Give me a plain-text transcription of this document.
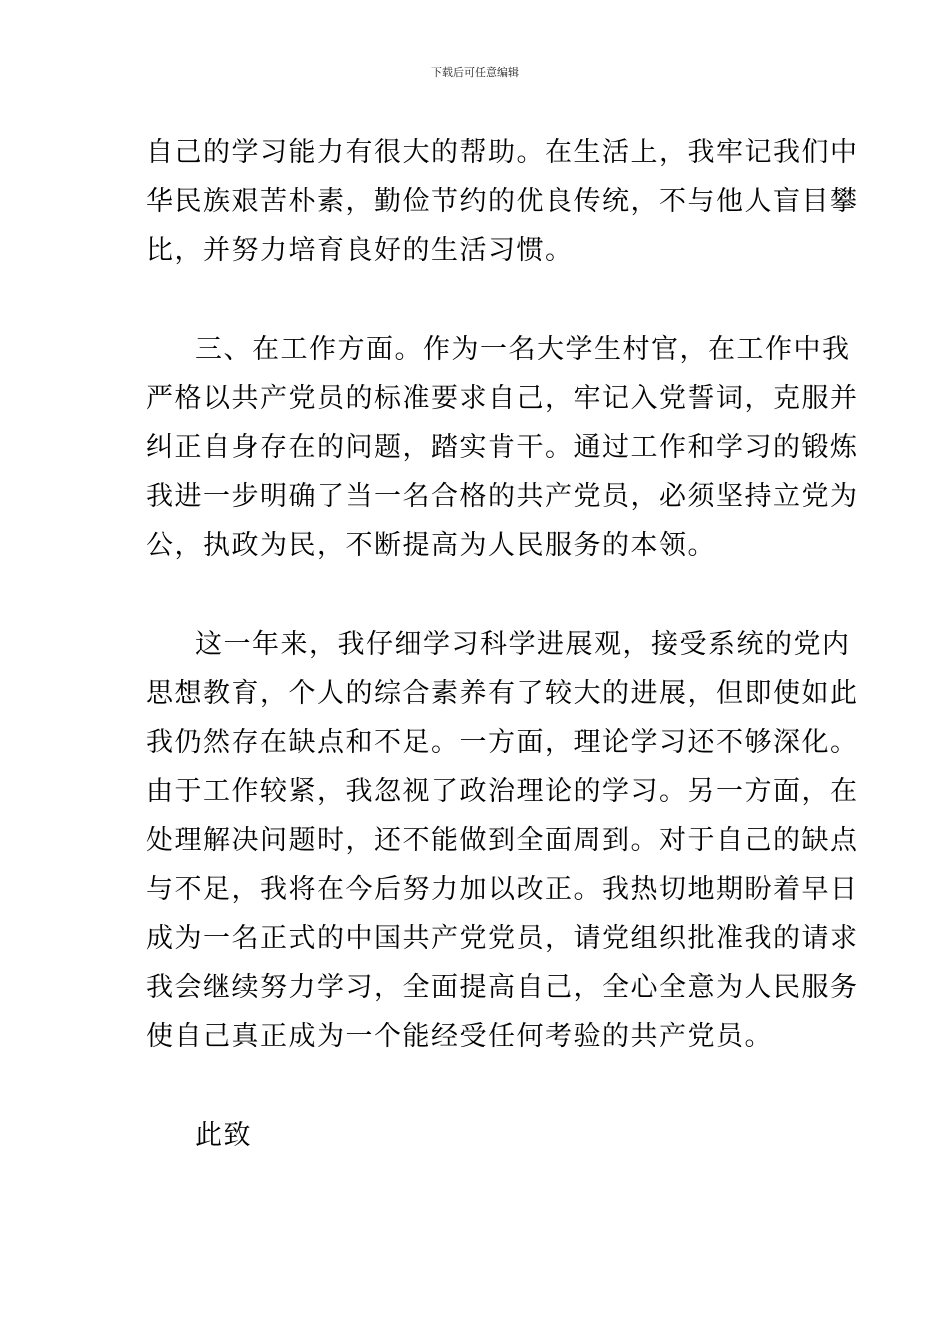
下载后可任意编辑
自己的学习能力有很大的帮助。在生活上，我牢记我们中
华民族艰苦朴素，勤俭节约的优良传统，不与他人盲目攀
比，并努力培育良好的生活习惯。
三、在工作方面。作为一名大学生村官，在工作中我
严格以共产党员的标准要求自己，牢记入党誓词，克服并
纠正自身存在的问题，踏实肯干。通过工作和学习的锻炼
我进一步明确了当一名合格的共产党员，必须坚持立党为
公，执政为民，不断提高为人民服务的本领。
这一年来，我仔细学习科学进展观，接受系统的党内
思想教育，个人的综合素养有了较大的进展，但即使如此
我仍然存在缺点和不足。一方面，理论学习还不够深化。
由于工作较紧，我忽视了政治理论的学习。另一方面，在
处理解决问题时，还不能做到全面周到。对于自己的缺点
与不足，我将在今后努力加以改正。我热切地期盼着早日
成为一名正式的中国共产党党员，请党组织批准我的请求
我会继续努力学习，全面提高自己，全心全意为人民服务
使自己真正成为一个能经受任何考验的共产党员。
此致
